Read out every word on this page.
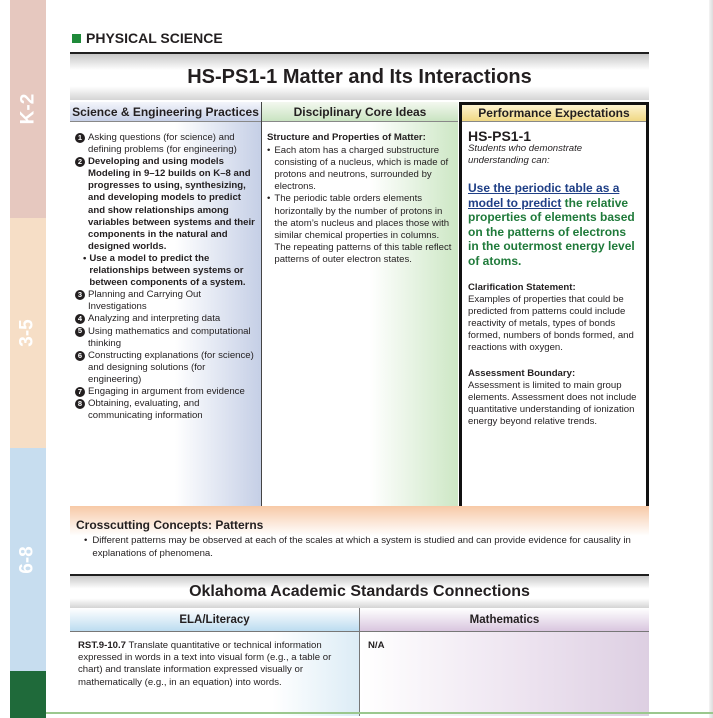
K-2
3-5
6-8
PHYSICAL SCIENCE
HS-PS1-1 Matter and Its Interactions
Science & Engineering Practices
1 Asking questions (for science) and defining problems (for engineering)
2 Developing and using models Modeling in 9–12 builds on K–8 and progresses to using, synthesizing, and developing models to predict and show relationships among variables between systems and their components in the natural and designed worlds.
• Use a model to predict the relationships between systems or between components of a system.
3 Planning and Carrying Out Investigations
4 Analyzing and interpreting data
5 Using mathematics and computational thinking
6 Constructing explanations (for science) and designing solutions (for engineering)
7 Engaging in argument from evidence
8 Obtaining, evaluating, and communicating information
Disciplinary Core Ideas
Structure and Properties of Matter:
• Each atom has a charged substructure consisting of a nucleus, which is made of protons and neutrons, surrounded by electrons.
• The periodic table orders elements horizontally by the number of protons in the atom’s nucleus and places those with similar chemical properties in columns. The repeating patterns of this table reflect patterns of outer electron states.
Performance Expectations
HS-PS1-1
Students who demonstrate understanding can:
Use the periodic table as a model to predict the relative properties of elements based on the patterns of electrons in the outermost energy level of atoms.
Clarification Statement:
Examples of properties that could be predicted from patterns could include reactivity of metals, types of bonds formed, numbers of bonds formed, and reactions with oxygen.
Assessment Boundary:
Assessment is limited to main group elements. Assessment does not include quantitative understanding of ionization energy beyond relative trends.
Crosscutting Concepts: Patterns
• Different patterns may be observed at each of the scales at which a system is studied and can provide evidence for causality in explanations of phenomena.
Oklahoma Academic Standards Connections
ELA/Literacy
RST.9-10.7 Translate quantitative or technical information expressed in words in a text into visual form (e.g., a table or chart) and translate information expressed visually or mathematically (e.g., in an equation) into words.
Mathematics
N/A
